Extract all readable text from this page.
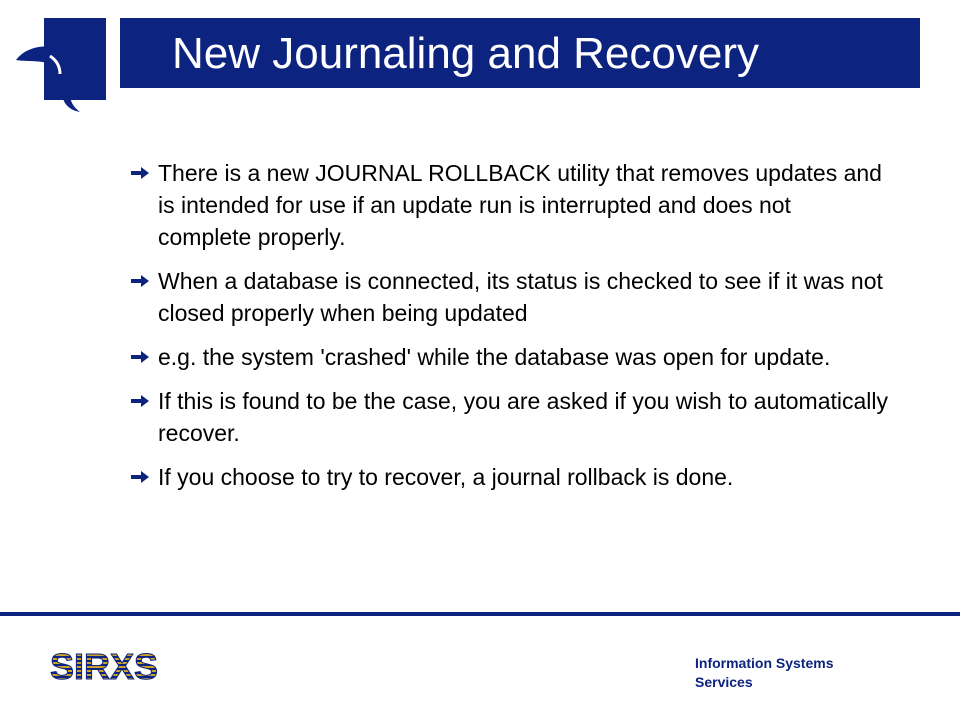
New Journaling and Recovery
There is a new JOURNAL ROLLBACK utility that removes updates and is intended for use if an update run is interrupted and does not complete properly.
When a database is connected, its status is checked to see if it was not closed properly when being updated
e.g. the system 'crashed' while the database was open for update.
If this is found to be the case, you are asked if you wish to automatically recover.
If you choose to try to recover, a journal rollback is done.
SIRXS	Information Systems
Services
